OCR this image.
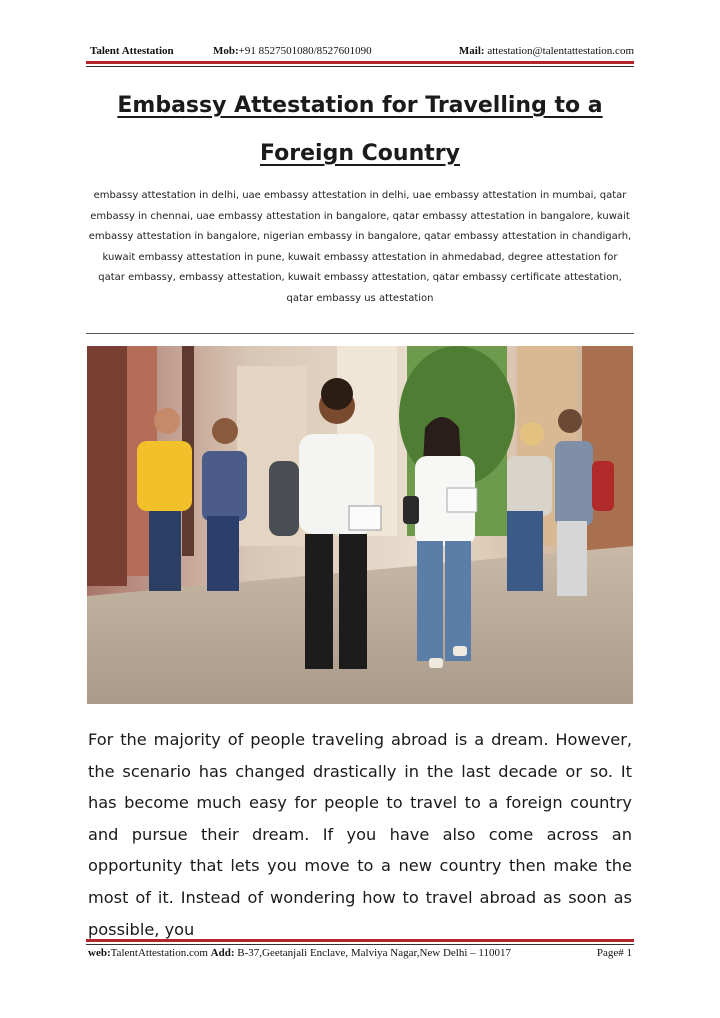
Talent Attestation	Mob:+91 8527501080/8527601090	Mail: attestation@talentattestation.com
Embassy Attestation for Travelling to a
Foreign Country
embassy attestation in delhi, uae embassy attestation in delhi, uae embassy attestation in mumbai, qatar embassy in chennai, uae embassy attestation in bangalore, qatar embassy attestation in bangalore, kuwait embassy attestation in bangalore, nigerian embassy in bangalore, qatar embassy attestation in chandigarh, kuwait embassy attestation in pune, kuwait embassy attestation in ahmedabad, degree attestation for qatar embassy, embassy attestation, kuwait embassy attestation, qatar embassy certificate attestation, qatar embassy us attestation
For the majority of people traveling abroad is a dream. However, the scenario has changed drastically in the last decade or so. It has become much easy for people to travel to a foreign country and pursue their dream. If you have also come across an opportunity that lets you move to a new country then make the most of it. Instead of wondering how to travel abroad as soon as possible, you
web:TalentAttestation.com Add: B-37,Geetanjali Enclave, Malviya Nagar,New Delhi – 110017	Page# 1
